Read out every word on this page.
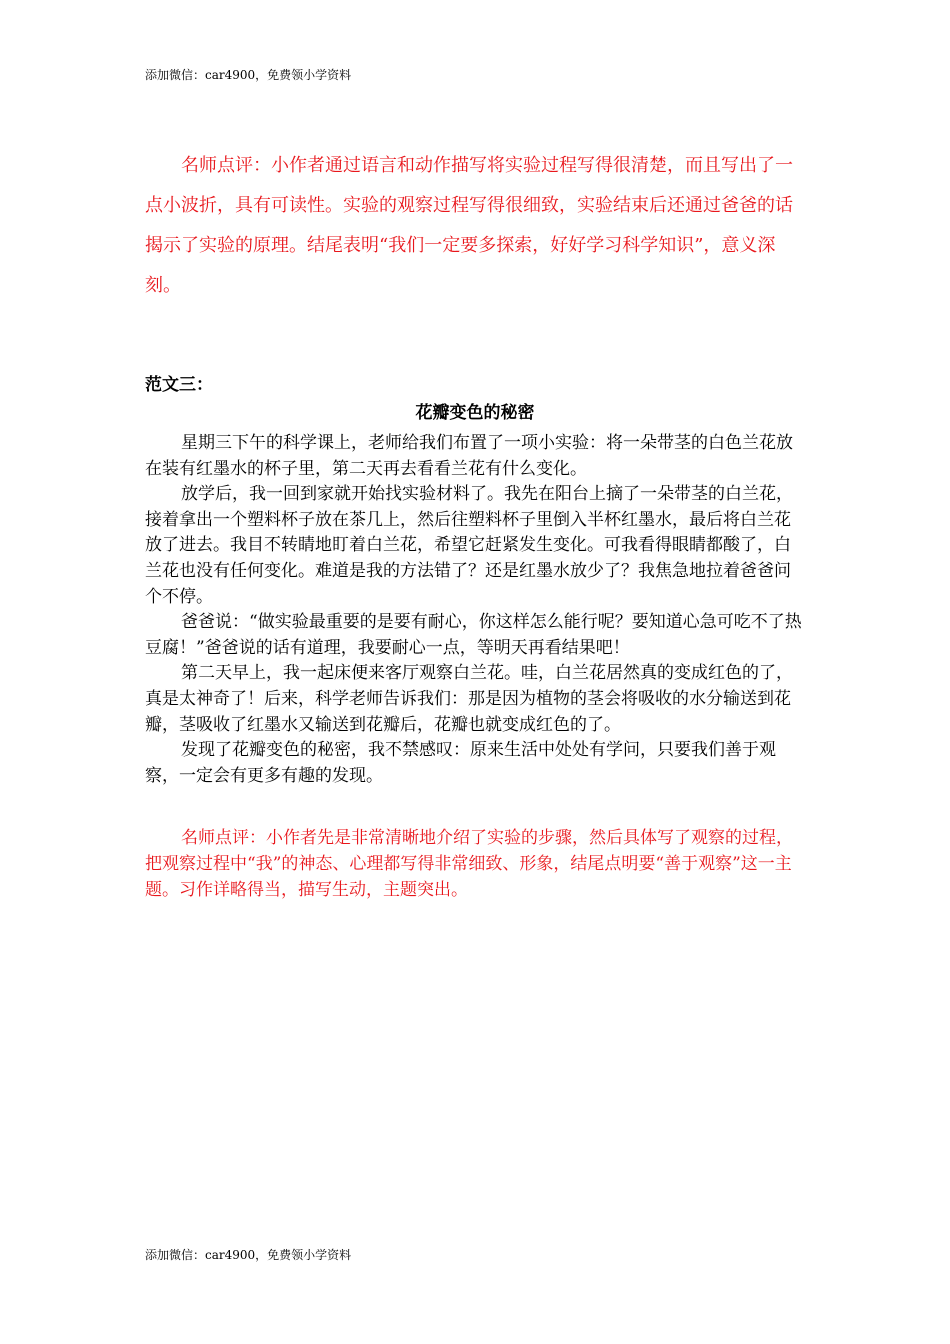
添加微信：car4900，免费领小学资料

名师点评：小作者通过语言和动作描写将实验过程写得很清楚，而且写出了一点小波折，具有可读性。实验的观察过程写得很细致，实验结束后还通过爸爸的话揭示了实验的原理。结尾表明“我们一定要多探索，好好学习科学知识”，意义深刻。

范文三：
花瓣变色的秘密

星期三下午的科学课上，老师给我们布置了一项小实验：将一朵带茎的白色兰花放在装有红墨水的杯子里，第二天再去看看兰花有什么变化。

放学后，我一回到家就开始找实验材料了。我先在阳台上摘了一朵带茎的白兰花，接着拿出一个塑料杯子放在茶几上，然后往塑料杯子里倒入半杯红墨水，最后将白兰花放了进去。我目不转睛地盯着白兰花，希望它赶紧发生变化。可我看得眼睛都酸了，白兰花也没有任何变化。难道是我的方法错了？还是红墨水放少了？我焦急地拉着爸爸问个不停。

爸爸说：“做实验最重要的是要有耐心，你这样怎么能行呢？要知道心急可吃不了热豆腐！”爸爸说的话有道理，我要耐心一点，等明天再看结果吧！

第二天早上，我一起床便来客厅观察白兰花。哇，白兰花居然真的变成红色的了，真是太神奇了！后来，科学老师告诉我们：那是因为植物的茎会将吸收的水分输送到花瓣，茎吸收了红墨水又输送到花瓣后，花瓣也就变成红色的了。

发现了花瓣变色的秘密，我不禁感叹：原来生活中处处有学问，只要我们善于观察，一定会有更多有趣的发现。

名师点评：小作者先是非常清晰地介绍了实验的步骤，然后具体写了观察的过程，把观察过程中“我”的神态、心理都写得非常细致、形象，结尾点明要“善于观察”这一主题。习作详略得当，描写生动，主题突出。

添加微信：car4900，免费领小学资料
